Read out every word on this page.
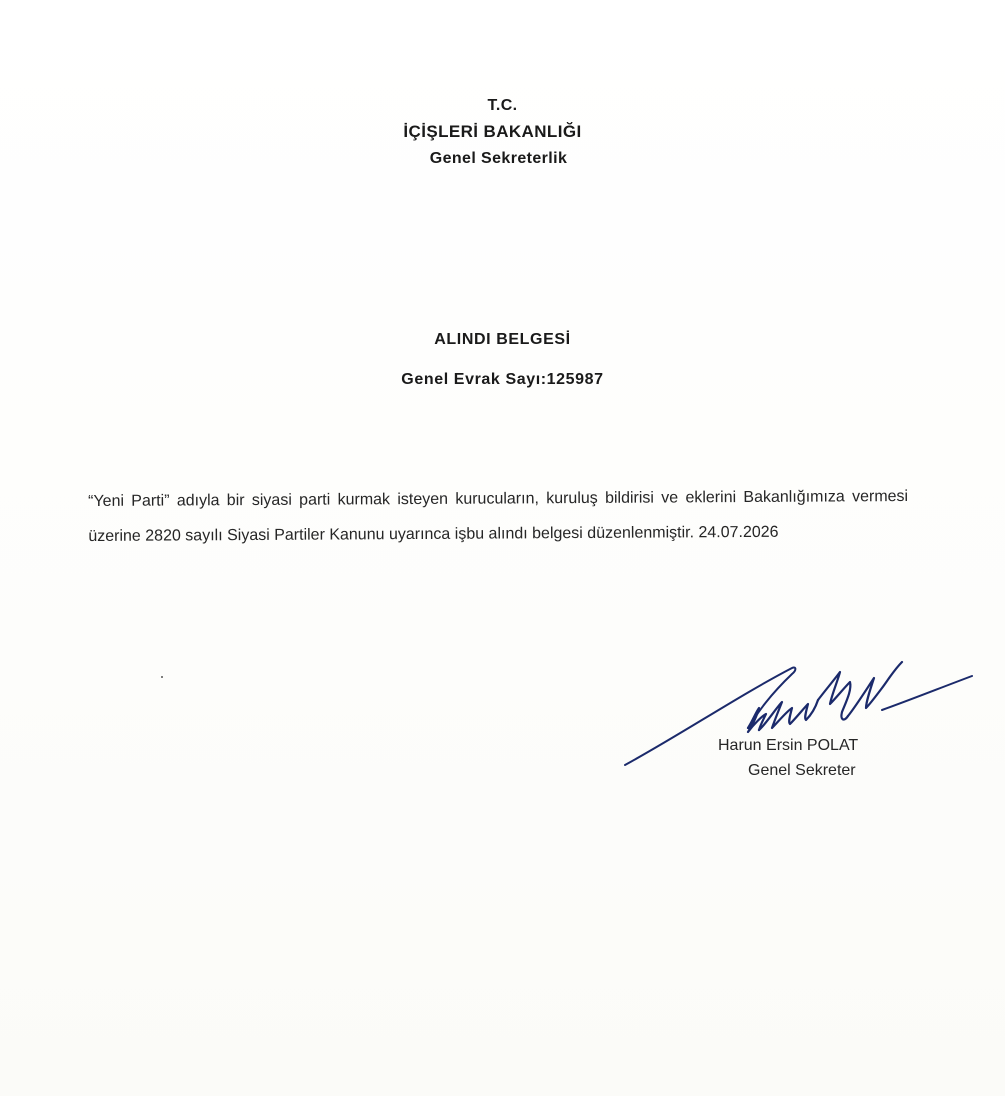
T.C.
İÇİŞLERİ BAKANLIĞI
Genel Sekreterlik
ALINDI BELGESİ
Genel Evrak Sayı:125987
“Yeni Parti” adıyla bir siyasi parti kurmak isteyen kurucuların, kuruluş bildirisi ve eklerini Bakanlığımıza vermesi üzerine 2820 sayılı Siyasi Partiler Kanunu uyarınca işbu alındı belgesi düzenlenmiştir. 24.07.2026
Harun Ersin POLAT
Genel Sekreter
